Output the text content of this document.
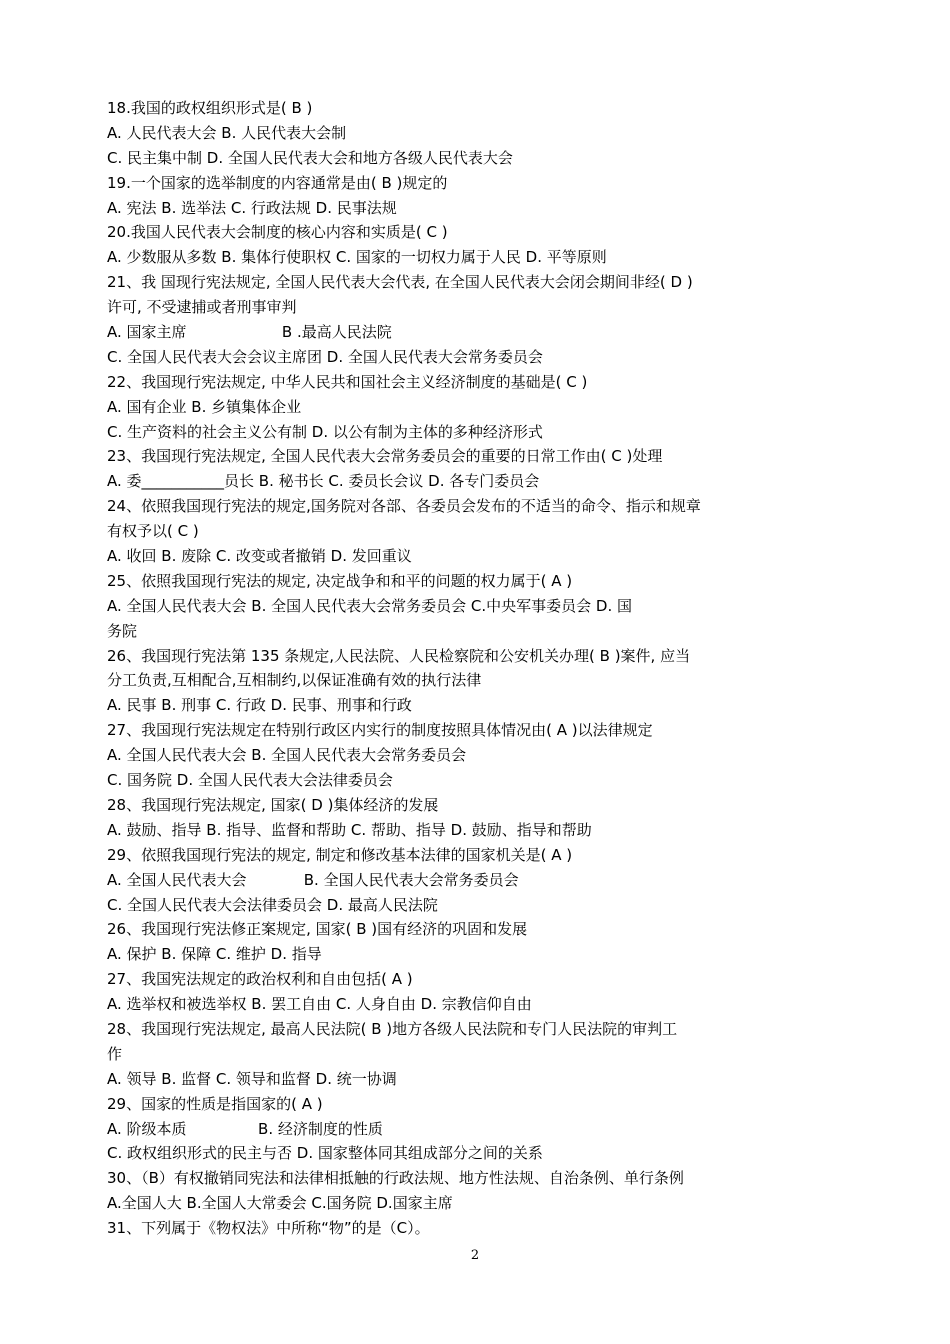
18.我国的政权组织形式是( B )
A. 人民代表大会 B. 人民代表大会制
C. 民主集中制 D. 全国人民代表大会和地方各级人民代表大会
19.一个国家的选举制度的内容通常是由( B )规定的
A. 宪法 B. 选举法 C. 行政法规 D. 民事法规
20.我国人民代表大会制度的核心内容和实质是( C )
A. 少数服从多数 B. 集体行使职权 C. 国家的一切权力属于人民 D. 平等原则
21、我 国现行宪法规定, 全国人民代表大会代表, 在全国人民代表大会闭会期间非经( D )
许可, 不受逮捕或者刑事审判
A. 国家主席                    B .最高人民法院
C. 全国人民代表大会会议主席团 D. 全国人民代表大会常务委员会
22、我国现行宪法规定, 中华人民共和国社会主义经济制度的基础是( C )
A. 国有企业 B. 乡镇集体企业
C. 生产资料的社会主义公有制 D. 以公有制为主体的多种经济形式
23、我国现行宪法规定, 全国人民代表大会常务委员会的重要的日常工作由( C )处理
A. 委___________员长 B. 秘书长 C. 委员长会议 D. 各专门委员会
24、依照我国现行宪法的规定,国务院对各部、各委员会发布的不适当的命令、指示和规章
有权予以( C )
A. 收回 B. 废除 C. 改变或者撤销 D. 发回重议
25、依照我国现行宪法的规定, 决定战争和和平的问题的权力属于( A )
A. 全国人民代表大会 B. 全国人民代表大会常务委员会 C.中央军事委员会 D. 国
务院
26、我国现行宪法第 135 条规定,人民法院、人民检察院和公安机关办理( B )案件, 应当
分工负责,互相配合,互相制约,以保证准确有效的执行法律
A. 民事 B. 刑事 C. 行政 D. 民事、刑事和行政
27、我国现行宪法规定在特别行政区内实行的制度按照具体情况由( A )以法律规定
A. 全国人民代表大会 B. 全国人民代表大会常务委员会
C. 国务院 D. 全国人民代表大会法律委员会
28、我国现行宪法规定, 国家( D )集体经济的发展
A. 鼓励、指导 B. 指导、监督和帮助 C. 帮助、指导 D. 鼓励、指导和帮助
29、依照我国现行宪法的规定, 制定和修改基本法律的国家机关是( A )
A. 全国人民代表大会            B. 全国人民代表大会常务委员会
C. 全国人民代表大会法律委员会 D. 最高人民法院
26、我国现行宪法修正案规定, 国家( B )国有经济的巩固和发展
A. 保护 B. 保障 C. 维护 D. 指导
27、我国宪法规定的政治权利和自由包括( A )
A. 选举权和被选举权 B. 罢工自由 C. 人身自由 D. 宗教信仰自由
28、我国现行宪法规定, 最高人民法院( B )地方各级人民法院和专门人民法院的审判工
作
A. 领导 B. 监督 C. 领导和监督 D. 统一协调
29、国家的性质是指国家的( A )
A. 阶级本质               B. 经济制度的性质
C. 政权组织形式的民主与否 D. 国家整体同其组成部分之间的关系
30、（B）有权撤销同宪法和法律相抵触的行政法规、地方性法规、自治条例、单行条例
A.全国人大 B.全国人大常委会 C.国务院 D.国家主席
31、下列属于《物权法》中所称“物”的是（C）。
2
